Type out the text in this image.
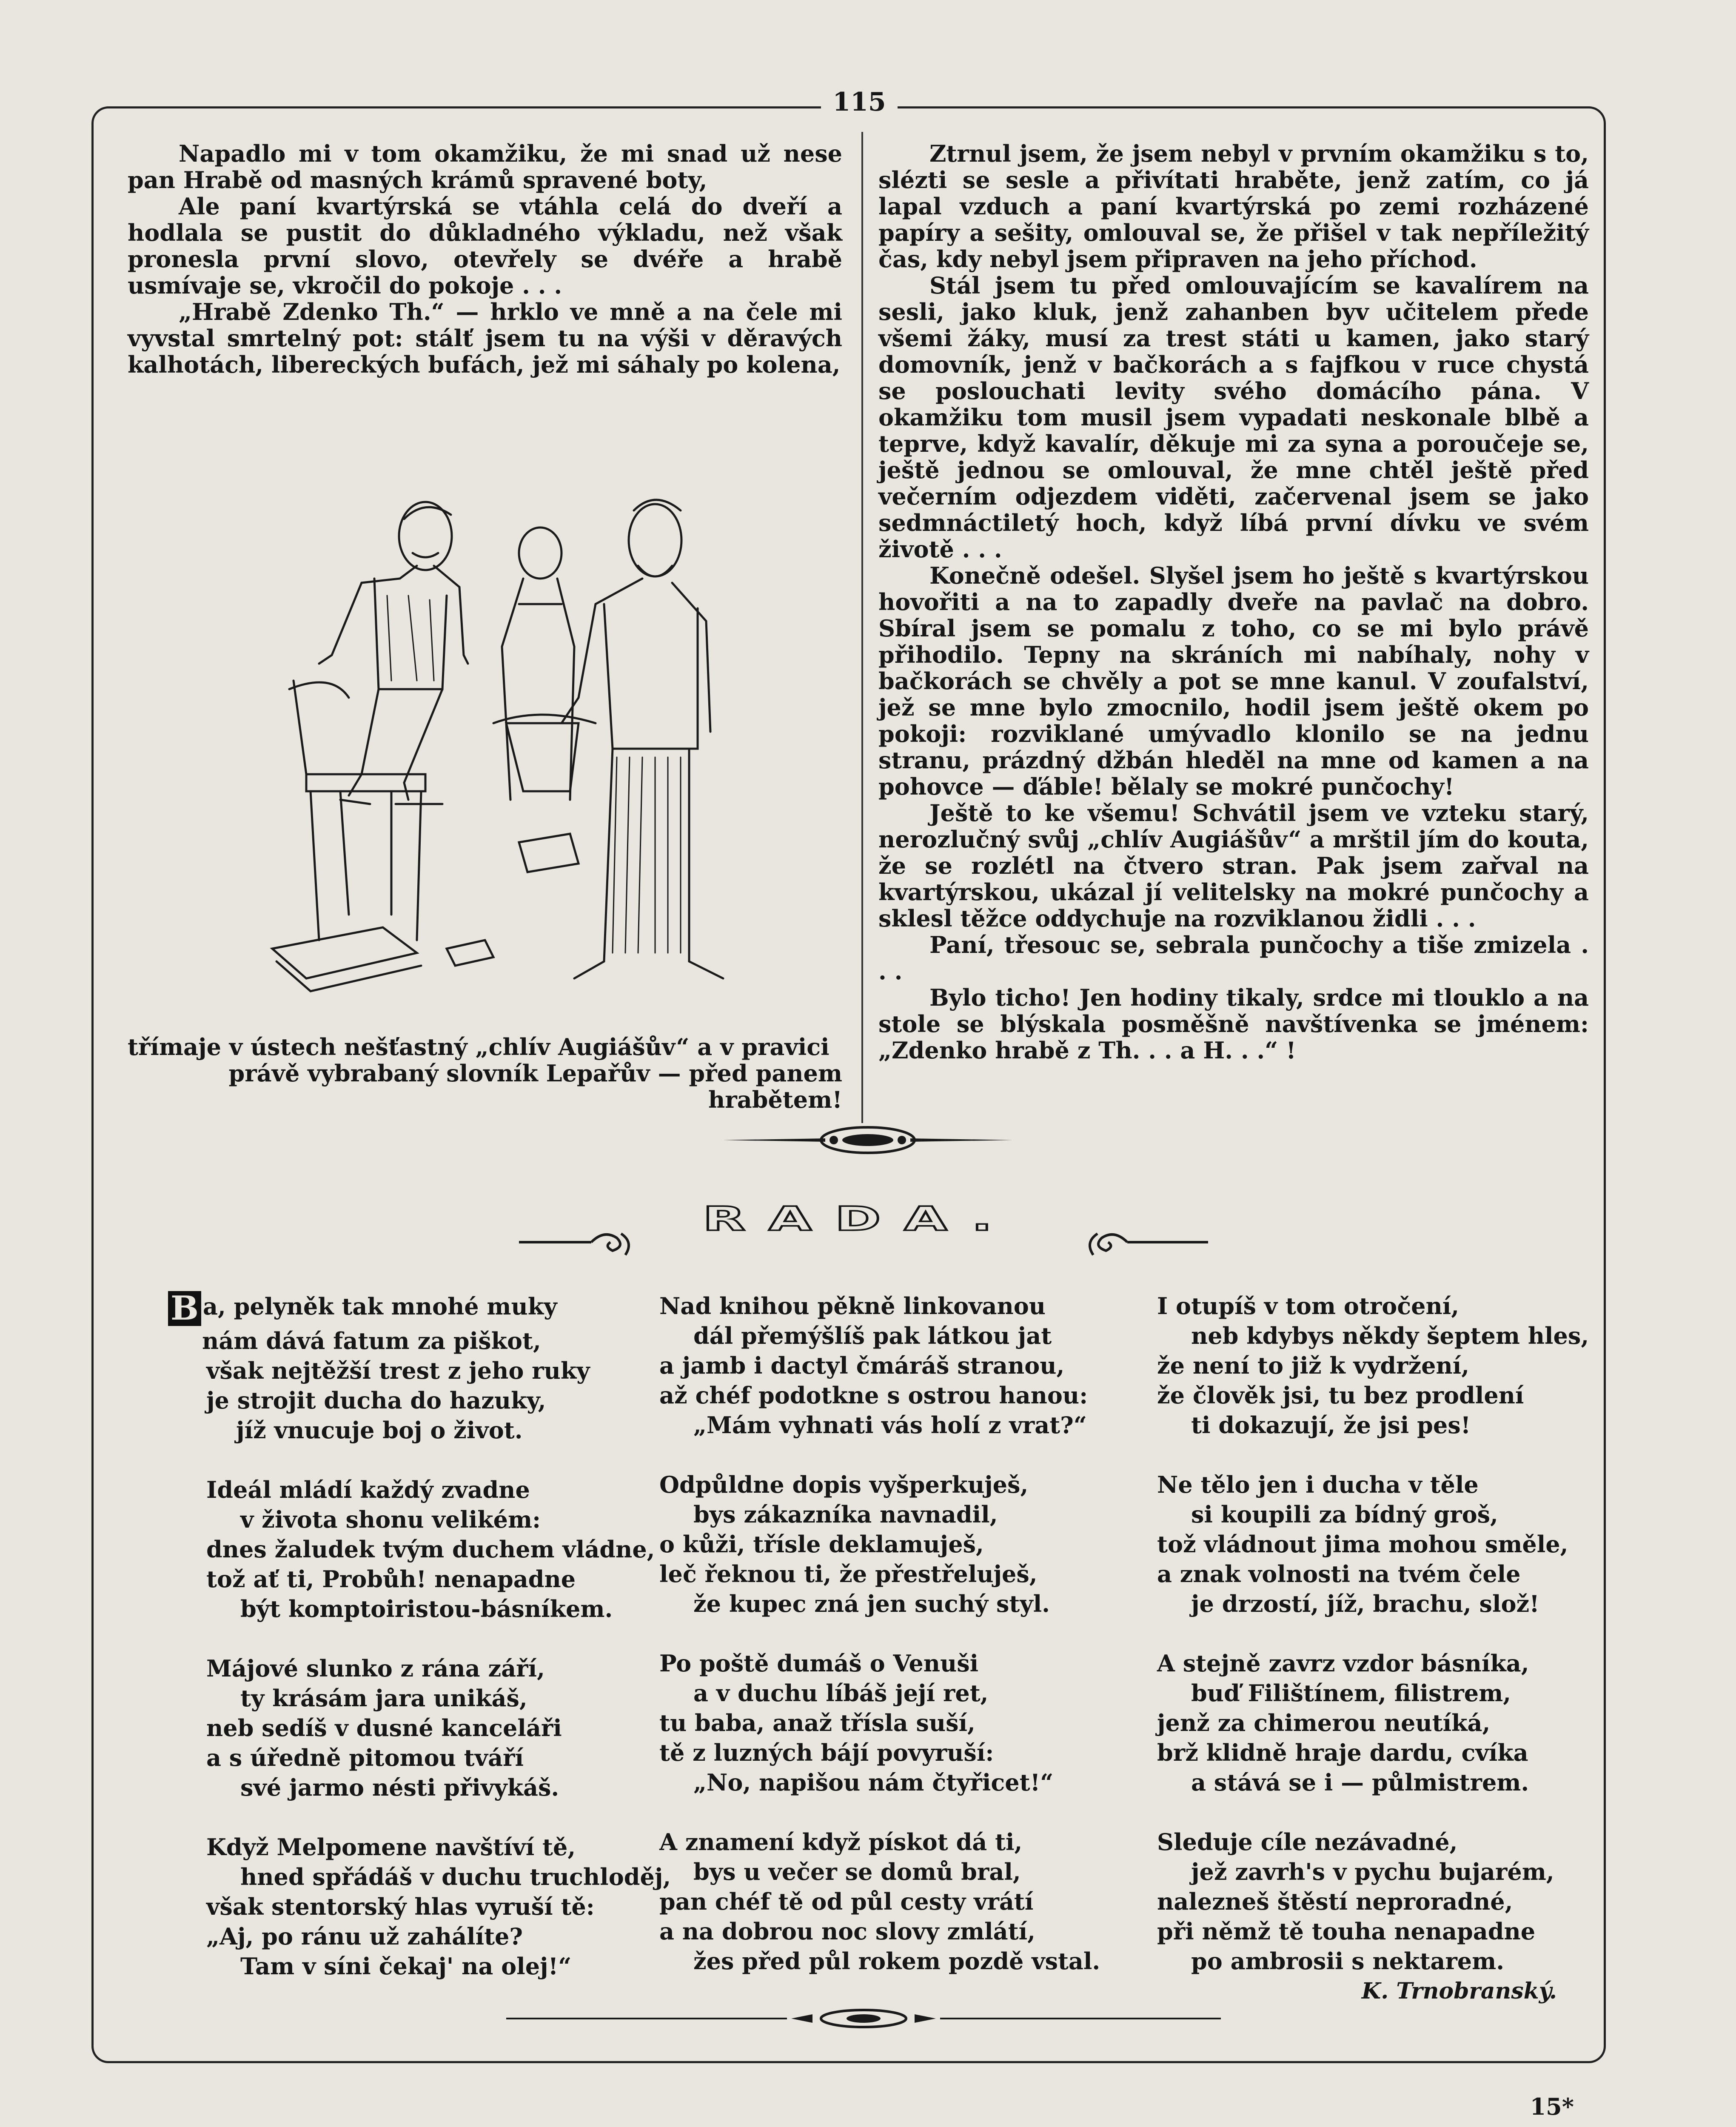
115

Napadlo mi v tom okamžiku, že mi snad už nese pan Hrabě od masných krámů spravené boty,

Ale paní kvartýrská se vtáhla celá do dveří a hodlala se pustit do důkladného výkladu, než však pronesla první slovo, otevřely se dvéře a hrabě usmívaje se, vkročil do pokoje . . .

„Hrabě Zdenko Th.“ — hrklo ve mně a na čele mi vyvstal smrtelný pot: stálť jsem tu na výši v děravých kalhotách, libereckých bufách, jež mi sáhaly po kolena,

třímaje v ústech nešťastný „chlív Augiášův“ a v pravici
právě vybrabaný slovník Lepařův — před panem hrabětem!

Ztrnul jsem, že jsem nebyl v prvním okamžiku s to, slézti se sesle a přivítati hraběte, jenž zatím, co já lapal vzduch a paní kvartýrská po zemi rozházené papíry a sešity, omlouval se, že přišel v tak nepříležitý čas, kdy nebyl jsem připraven na jeho příchod.

Stál jsem tu před omlouvajícím se kavalírem na sesli, jako kluk, jenž zahanben byv učitelem přede všemi žáky, musí za trest státi u kamen, jako starý domovník, jenž v bačkorách a s fajfkou v ruce chystá se poslouchati levity svého domácího pána. V okamžiku tom musil jsem vypadati neskonale blbě a teprve, když kavalír, děkuje mi za syna a poroučeje se, ještě jednou se omlouval, že mne chtěl ještě před večerním odjezdem viděti, začervenal jsem se jako sedmnáctiletý hoch, když líbá první dívku ve svém životě . . .

Konečně odešel. Slyšel jsem ho ještě s kvartýrskou hovořiti a na to zapadly dveře na pavlač na dobro. Sbíral jsem se pomalu z toho, co se mi bylo právě přihodilo. Tepny na skráních mi nabíhaly, nohy v bačkorách se chvěly a pot se mne kanul. V zoufalství, jež se mne bylo zmocnilo, hodil jsem ještě okem po pokoji: rozviklané umývadlo klonilo se na jednu stranu, prázdný džbán hleděl na mne od kamen a na pohovce — ďáble! bělaly se mokré punčochy!

Ještě to ke všemu! Schvátil jsem ve vzteku starý, nerozlučný svůj „chlív Augiášův“ a mrštil jím do kouta, že se rozlétl na čtvero stran. Pak jsem zařval na kvartýrskou, ukázal jí velitelsky na mokré punčochy a sklesl těžce oddychuje na rozviklanou židli . . .

Paní, třesouc se, sebrala punčochy a tiše zmizela . . .

Bylo ticho! Jen hodiny tikaly, srdce mi tlouklo a na stole se blýskala posměšně navštívenka se jménem: „Zdenko hrabě z Th. . . a H. . .“ !

RADA.
B a, pelyněk tak mnohé muky
nám dává fatum za piškot,
však nejtěžší trest z jeho ruky
je strojit ducha do hazuky,
jíž vnucuje boj o život.
Ideál mládí každý zvadne
v života shonu velikém:
dnes žaludek tvým duchem vládne,
tož ať ti, Probůh! nenapadne
být komptoiristou-básníkem.
Májové slunko z rána září,
ty krásám jara unikáš,
neb sedíš v dusné kanceláři
a s úředně pitomou tváří
své jarmo nésti přivykáš.
Když Melpomene navštíví tě,
hned spřádáš v duchu truchloděj,
však stentorský hlas vyruší tě:
„Aj, po ránu už zahálíte?
Tam v síni čekaj' na olej!“
Nad knihou pěkně linkovanou
dál přemýšlíš pak látkou jat
a jamb i dactyl čmáráš stranou,
až chéf podotkne s ostrou hanou:
„Mám vyhnati vás holí z vrat?“
Odpůldne dopis vyšperkuješ,
bys zákazníka navnadil,
o kůži, třísle deklamuješ,
leč řeknou ti, že přestřeluješ,
že kupec zná jen suchý styl.
Po poště dumáš o Venuši
a v duchu líbáš její ret,
tu baba, anaž třísla suší,
tě z luzných bájí povyruší:
„No, napišou nám čtyřicet!“
A znamení když pískot dá ti,
bys u večer se domů bral,
pan chéf tě od půl cesty vrátí
a na dobrou noc slovy zmlátí,
žes před půl rokem pozdě vstal.
I otupíš v tom otročení,
neb kdybys někdy šeptem hles,
že není to již k vydržení,
že člověk jsi, tu bez prodlení
ti dokazují, že jsi pes!
Ne tělo jen i ducha v těle
si koupili za bídný groš,
tož vládnout jima mohou směle,
a znak volnosti na tvém čele
je drzostí, jíž, brachu, slož!
A stejně zavrz vzdor básníka,
buď Filištínem, filistrem,
jenž za chimerou neutíká,
brž klidně hraje dardu, cvíka
a stává se i — půlmistrem.
Sleduje cíle nezávadné,
jež zavrh's v pychu bujarém,
nalezneš štěstí neproradné,
při němž tě touha nenapadne
po ambrosii s nektarem.
K. Trnobranský.
15*
